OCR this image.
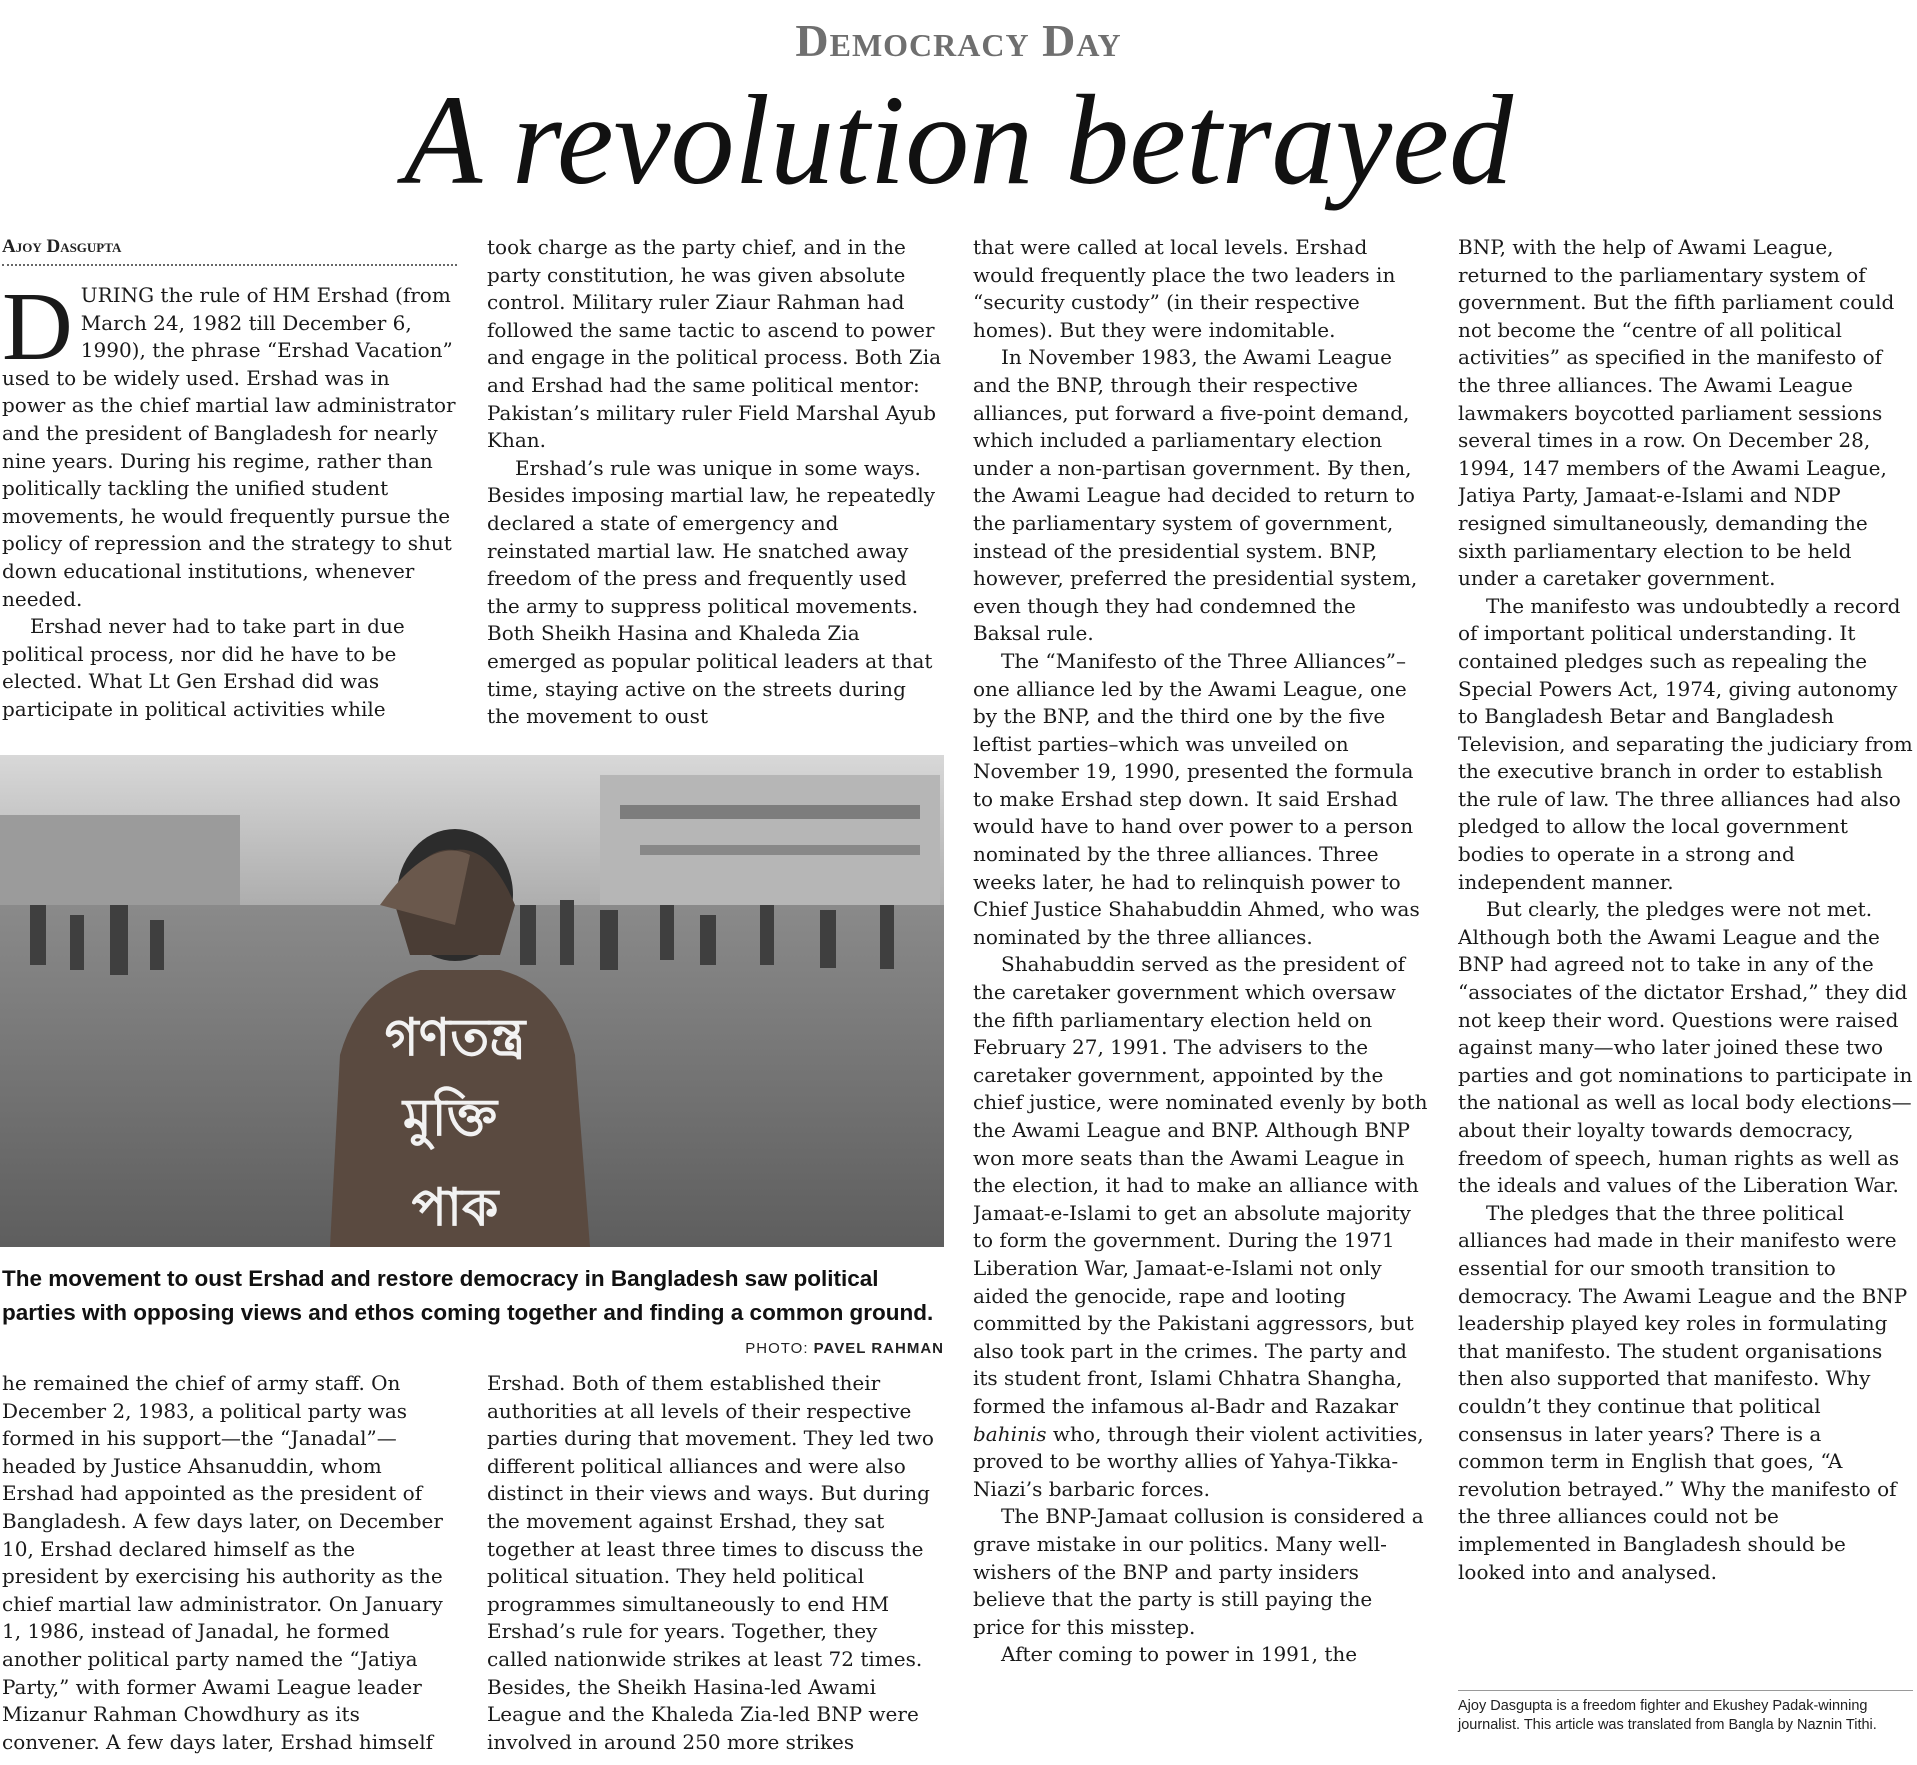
Democracy Day
A revolution betrayed
Ajoy Dasgupta
D URING the rule of HM Ershad (from March 24, 1982 till December 6, 1990), the phrase “Ershad Vacation” used to be widely used. Ershad was in power as the chief martial law administrator and the president of Bangladesh for nearly nine years. During his regime, rather than politically tackling the unified student movements, he would frequently pursue the policy of repression and the strategy to shut down educational institutions, whenever needed.

Ershad never had to take part in due political process, nor did he have to be elected. What Lt Gen Ershad did was participate in political activities while

took charge as the party chief, and in the party constitution, he was given absolute control. Military ruler Ziaur Rahman had followed the same tactic to ascend to power and engage in the political process. Both Zia and Ershad had the same political mentor: Pakistan’s military ruler Field Marshal Ayub Khan.

Ershad’s rule was unique in some ways. Besides imposing martial law, he repeatedly declared a state of emergency and reinstated martial law. He snatched away freedom of the press and frequently used the army to suppress political movements. Both Sheikh Hasina and Khaleda Zia emerged as popular political leaders at that time, staying active on the streets during the movement to oust

গণতন্ত্র
মুক্তি
পাক
The movement to oust Ershad and restore democracy in Bangladesh saw political parties with opposing views and ethos coming together and finding a common ground.
PHOTO: PAVEL RAHMAN

he remained the chief of army staff. On December 2, 1983, a political party was formed in his support—the “Janadal”—headed by Justice Ahsanuddin, whom Ershad had appointed as the president of Bangladesh. A few days later, on December 10, Ershad declared himself as the president by exercising his authority as the chief martial law administrator. On January 1, 1986, instead of Janadal, he formed another political party named the “Jatiya Party,” with former Awami League leader Mizanur Rahman Chowdhury as its convener. A few days later, Ershad himself

Ershad. Both of them established their authorities at all levels of their respective parties during that movement. They led two different political alliances and were also distinct in their views and ways. But during the movement against Ershad, they sat together at least three times to discuss the political situation. They held political programmes simultaneously to end HM Ershad’s rule for years. Together, they called nationwide strikes at least 72 times. Besides, the Sheikh Hasina-led Awami League and the Khaleda Zia-led BNP were involved in around 250 more strikes

that were called at local levels. Ershad would frequently place the two leaders in “security custody” (in their respective homes). But they were indomitable.

In November 1983, the Awami League and the BNP, through their respective alliances, put forward a five-point demand, which included a parliamentary election under a non-partisan government. By then, the Awami League had decided to return to the parliamentary system of government, instead of the presidential system. BNP, however, preferred the presidential system, even though they had condemned the Baksal rule.

The “Manifesto of the Three Alliances”–one alliance led by the Awami League, one by the BNP, and the third one by the five leftist parties–which was unveiled on November 19, 1990, presented the formula to make Ershad step down. It said Ershad would have to hand over power to a person nominated by the three alliances. Three weeks later, he had to relinquish power to Chief Justice Shahabuddin Ahmed, who was nominated by the three alliances.

Shahabuddin served as the president of the caretaker government which oversaw the fifth parliamentary election held on February 27, 1991. The advisers to the caretaker government, appointed by the chief justice, were nominated evenly by both the Awami League and BNP. Although BNP won more seats than the Awami League in the election, it had to make an alliance with Jamaat-e-Islami to get an absolute majority to form the government. During the 1971 Liberation War, Jamaat-e-Islami not only aided the genocide, rape and looting committed by the Pakistani aggressors, but also took part in the crimes. The party and its student front, Islami Chhatra Shangha, formed the infamous al-Badr and Razakar bahinis who, through their violent activities, proved to be worthy allies of Yahya-Tikka-Niazi’s barbaric forces.

The BNP-Jamaat collusion is considered a grave mistake in our politics. Many well-wishers of the BNP and party insiders believe that the party is still paying the price for this misstep.

After coming to power in 1991, the

BNP, with the help of Awami League, returned to the parliamentary system of government. But the fifth parliament could not become the “centre of all political activities” as specified in the manifesto of the three alliances. The Awami League lawmakers boycotted parliament sessions several times in a row. On December 28, 1994, 147 members of the Awami League, Jatiya Party, Jamaat-e-Islami and NDP resigned simultaneously, demanding the sixth parliamentary election to be held under a caretaker government.

The manifesto was undoubtedly a record of important political understanding. It contained pledges such as repealing the Special Powers Act, 1974, giving autonomy to Bangladesh Betar and Bangladesh Television, and separating the judiciary from the executive branch in order to establish the rule of law. The three alliances had also pledged to allow the local government bodies to operate in a strong and independent manner.

But clearly, the pledges were not met. Although both the Awami League and the BNP had agreed not to take in any of the “associates of the dictator Ershad,” they did not keep their word. Questions were raised against many—who later joined these two parties and got nominations to participate in the national as well as local body elections—about their loyalty towards democracy, freedom of speech, human rights as well as the ideals and values of the Liberation War.

The pledges that the three political alliances had made in their manifesto were essential for our smooth transition to democracy. The Awami League and the BNP leadership played key roles in formulating that manifesto. The student organisations then also supported that manifesto. Why couldn’t they continue that political consensus in later years? There is a common term in English that goes, “A revolution betrayed.” Why the manifesto of the three alliances could not be implemented in Bangladesh should be looked into and analysed.

Ajoy Dasgupta is a freedom fighter and Ekushey Padak-winning journalist. This article was translated from Bangla by Naznin Tithi.
